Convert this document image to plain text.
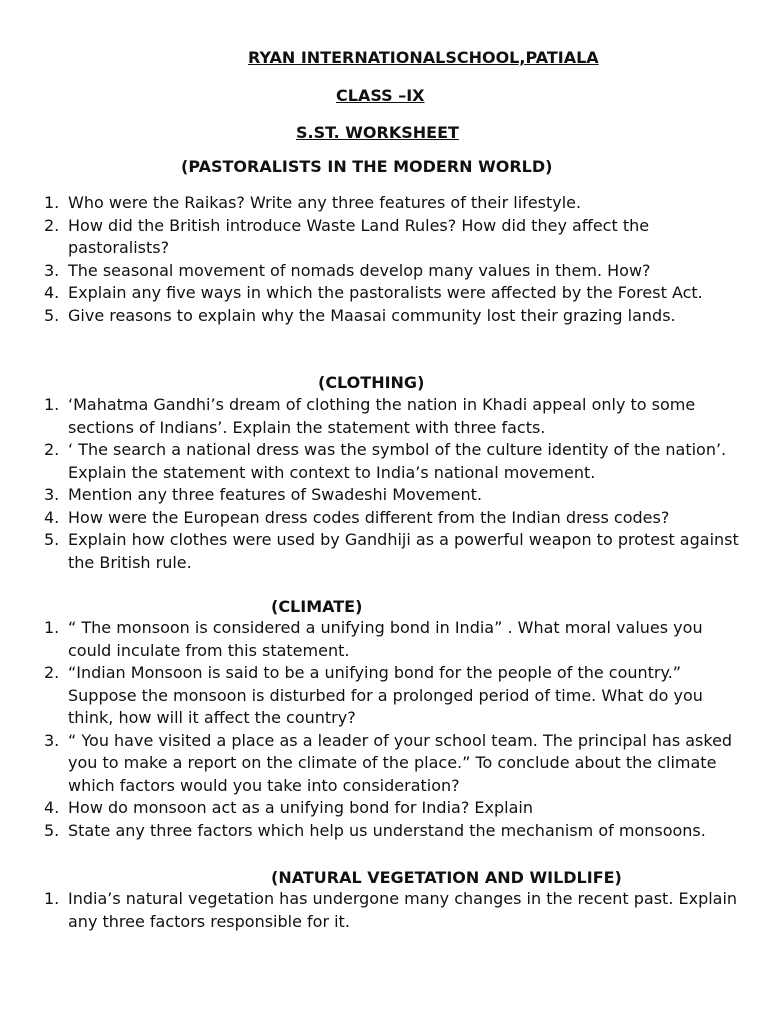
RYAN INTERNATIONALSCHOOL,PATIALA
CLASS –IX
S.ST. WORKSHEET
(PASTORALISTS IN THE MODERN WORLD)
1. Who were the Raikas? Write any three features of their lifestyle.
2. How did the British introduce Waste Land Rules? How did they affect the pastoralists?
3. The seasonal movement of nomads develop many values in them. How?
4. Explain any five ways in which the pastoralists were affected by the Forest Act.
5. Give reasons to explain why the Maasai community lost their grazing lands.
(CLOTHING)
1. ‘Mahatma Gandhi’s dream of clothing the nation in Khadi appeal only to some sections of Indians’. Explain the statement with three facts.
2. ‘ The search a national dress was the symbol of the culture identity of the nation’. Explain the statement with context to India’s national movement.
3. Mention any three features of Swadeshi Movement.
4. How were the European dress codes different from the Indian dress codes?
5. Explain how clothes were used by Gandhiji as a powerful weapon to protest against the British rule.
(CLIMATE)
1. “ The monsoon is considered a unifying bond in India” . What moral values you could inculate from this statement.
2. “Indian Monsoon is said to be a unifying bond for the people of the country.” Suppose the monsoon is disturbed for a prolonged period of time. What do you think, how will it affect the country?
3. “ You have visited a place as a leader of your school team. The principal has asked you to make a report on the climate of the place.” To conclude about the climate which factors would you take into consideration?
4. How do monsoon act as a unifying bond for India? Explain
5. State any three factors which help us understand the mechanism of monsoons.
(NATURAL VEGETATION AND WILDLIFE)
1. India’s natural vegetation has undergone many changes in the recent past. Explain any three factors responsible for it.
